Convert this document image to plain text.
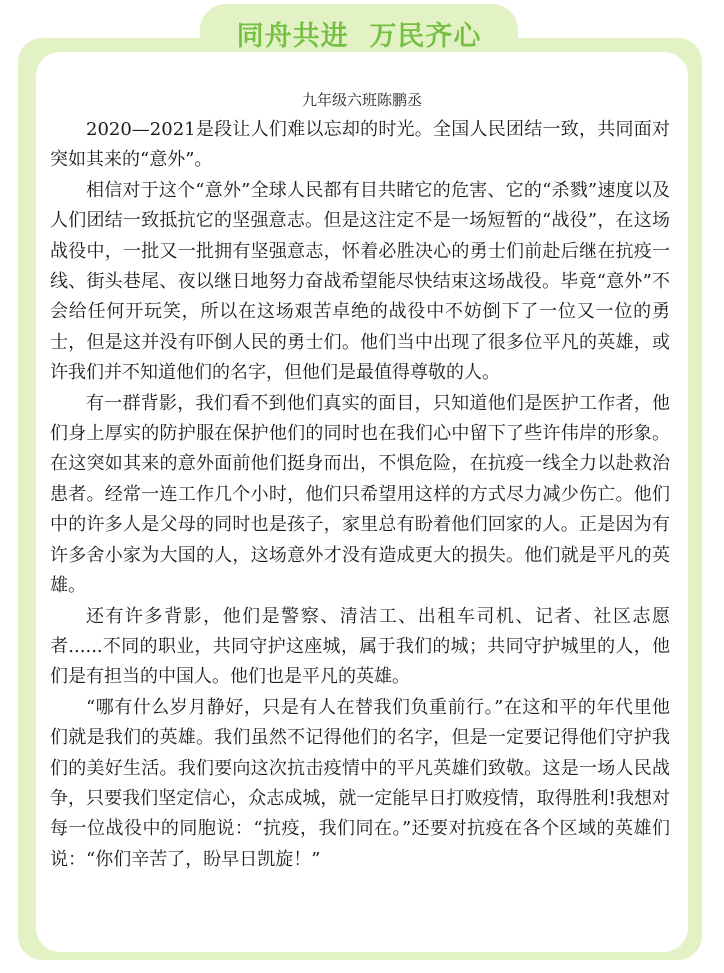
同舟共进  万民齐心
九年级六班陈鹏丞

2020—2021是段让人们难以忘却的时光。全国人民团结一致，共同面对突如其来的“意外”。

相信对于这个“意外”全球人民都有目共睹它的危害、它的“杀戮”速度以及人们团结一致抵抗它的坚强意志。但是这注定不是一场短暂的“战役”，在这场战役中，一批又一批拥有坚强意志，怀着必胜决心的勇士们前赴后继在抗疫一线、街头巷尾、夜以继日地努力奋战希望能尽快结束这场战役。毕竟“意外”不会给任何开玩笑，所以在这场艰苦卓绝的战役中不妨倒下了一位又一位的勇士，但是这并没有吓倒人民的勇士们。他们当中出现了很多位平凡的英雄，或许我们并不知道他们的名字，但他们是最值得尊敬的人。

有一群背影，我们看不到他们真实的面目，只知道他们是医护工作者，他们身上厚实的防护服在保护他们的同时也在我们心中留下了些许伟岸的形象。在这突如其来的意外面前他们挺身而出，不惧危险，在抗疫一线全力以赴救治患者。经常一连工作几个小时，他们只希望用这样的方式尽力减少伤亡。他们中的许多人是父母的同时也是孩子，家里总有盼着他们回家的人。正是因为有许多舍小家为大国的人，这场意外才没有造成更大的损失。他们就是平凡的英雄。

还有许多背影，他们是警察、清洁工、出租车司机、记者、社区志愿者......不同的职业，共同守护这座城，属于我们的城；共同守护城里的人，他们是有担当的中国人。他们也是平凡的英雄。

“哪有什么岁月静好，只是有人在替我们负重前行。”在这和平的年代里他们就是我们的英雄。我们虽然不记得他们的名字，但是一定要记得他们守护我们的美好生活。我们要向这次抗击疫情中的平凡英雄们致敬。这是一场人民战争，只要我们坚定信心，众志成城，就一定能早日打败疫情，取得胜利!我想对每一位战役中的同胞说：“抗疫，我们同在。”还要对抗疫在各个区域的英雄们说：“你们辛苦了，盼早日凯旋！”
